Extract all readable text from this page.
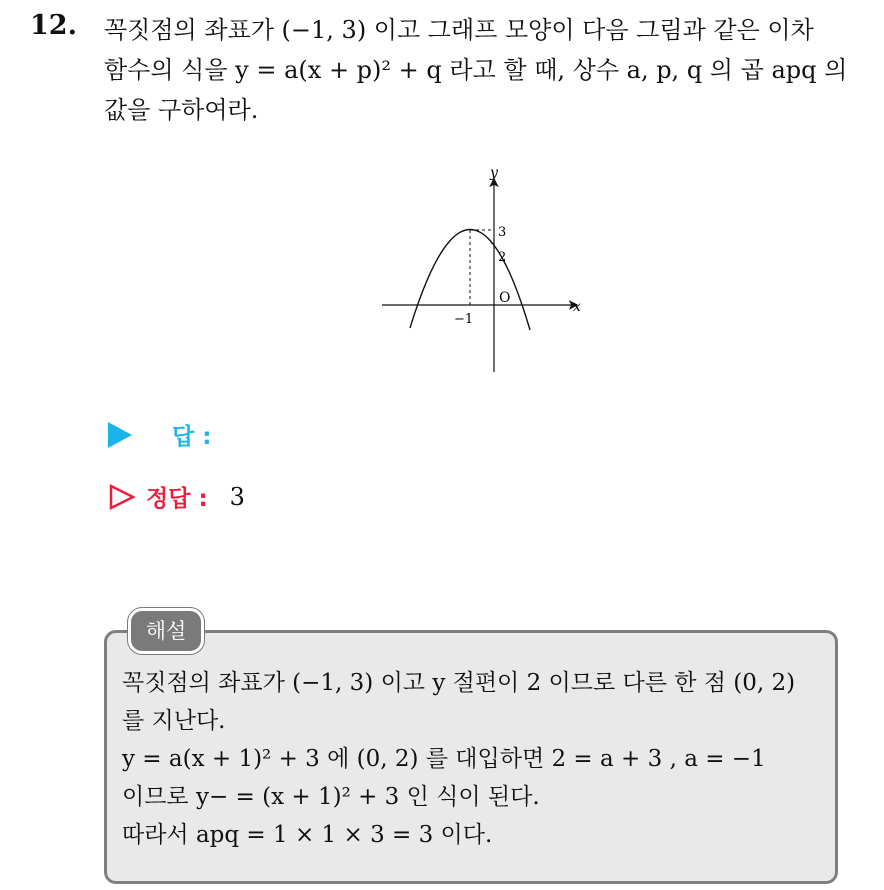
12. 꼭짓점의 좌표가 (−1, 3) 이고 그래프 모양이 다음 그림과 같은 이차
함수의 식을 y = a(x + p)² + q 라고 할 때, 상수 a, p, q 의 곱 apq 의
값을 구하여라.
y
x
O
3
2
−1
답 :
정답 : 3
해설
꼭짓점의 좌표가 (−1, 3) 이고 y 절편이 2 이므로 다른 한 점 (0, 2)
를 지난다.
y = a(x + 1)² + 3 에 (0, 2) 를 대입하면 2 = a + 3 , a = −1
이므로 y− = (x + 1)² + 3 인 식이 된다.
따라서 apq = 1 × 1 × 3 = 3 이다.
